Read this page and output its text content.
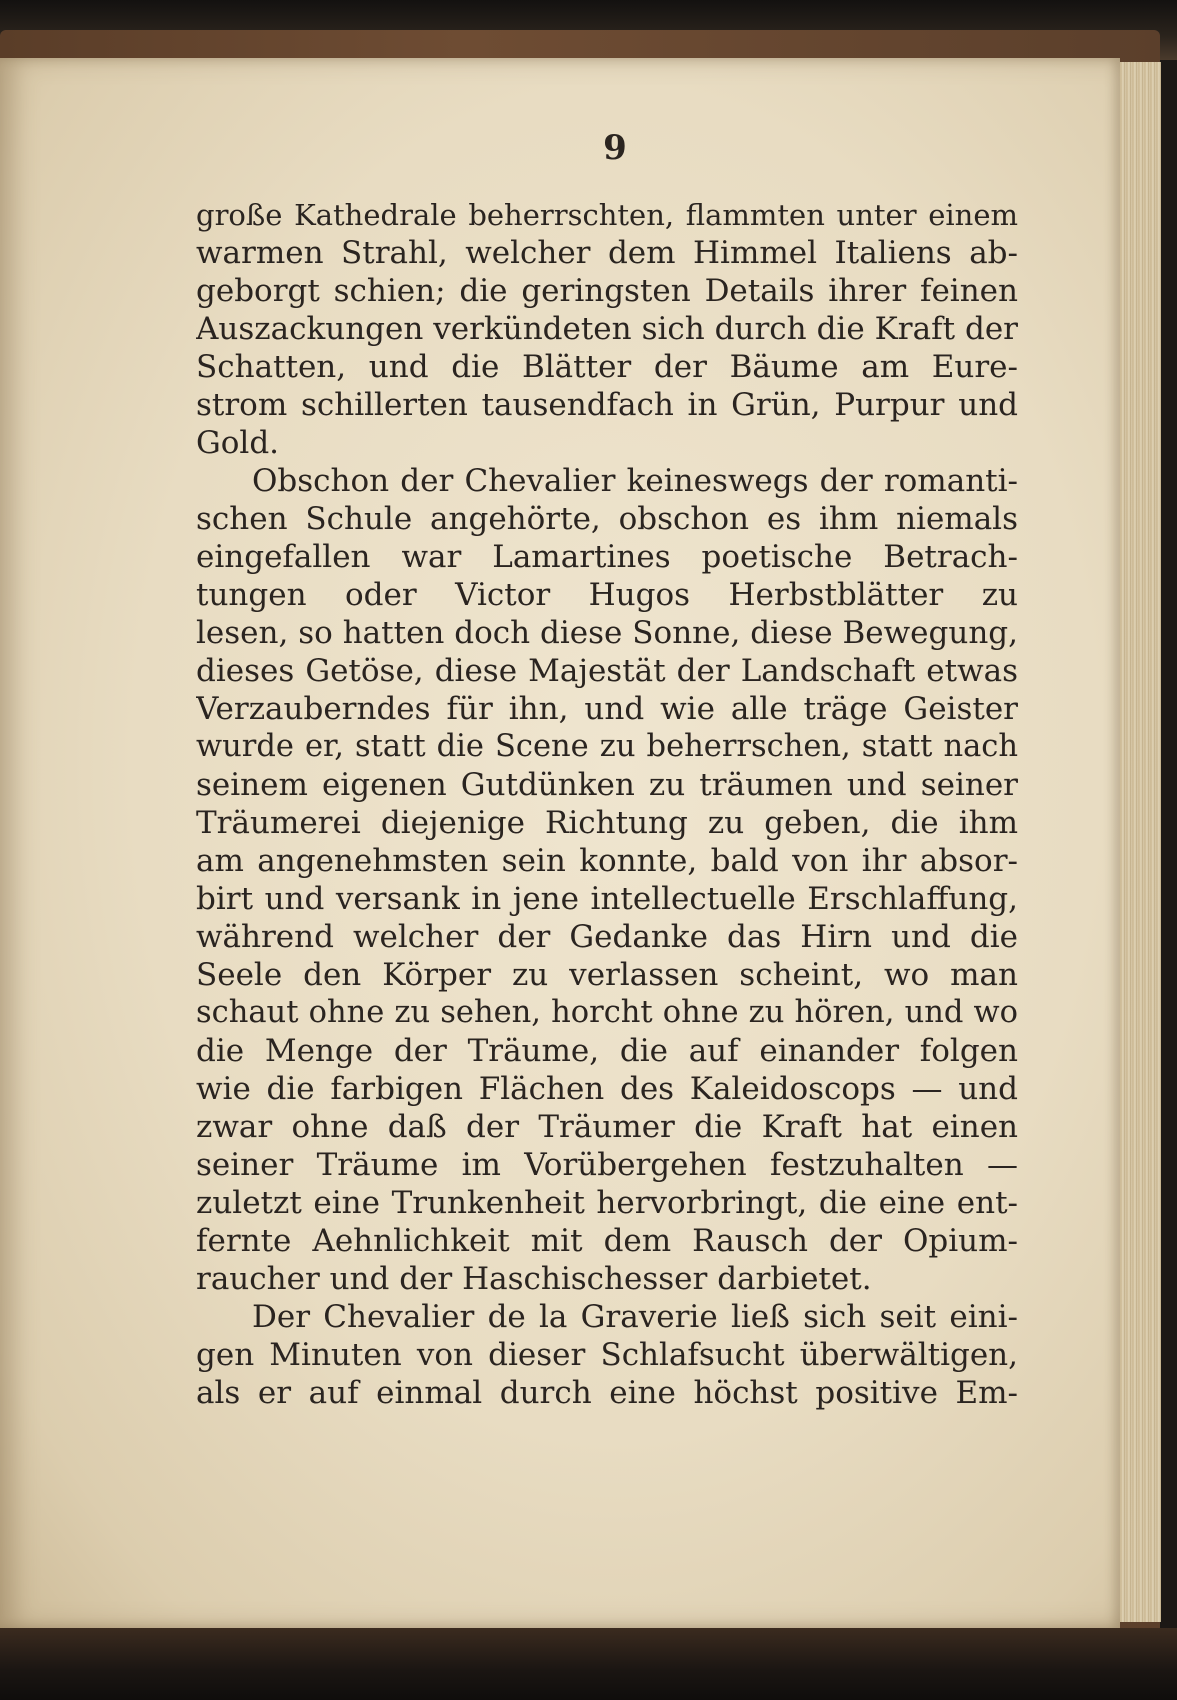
9
große Kathedrale beherrschten, flammten unter einem
warmen Strahl, welcher dem Himmel Italiens ab-
geborgt schien; die geringsten Details ihrer feinen
Auszackungen verkündeten sich durch die Kraft der
Schatten, und die Blätter der Bäume am Eure-
strom schillerten tausendfach in Grün, Purpur und
Gold.
Obschon der Chevalier keineswegs der romanti-
schen Schule angehörte, obschon es ihm niemals
eingefallen war Lamartines poetische Betrach-
tungen oder Victor Hugos Herbstblätter zu
lesen, so hatten doch diese Sonne, diese Bewegung,
dieses Getöse, diese Majestät der Landschaft etwas
Verzauberndes für ihn, und wie alle träge Geister
wurde er, statt die Scene zu beherrschen, statt nach
seinem eigenen Gutdünken zu träumen und seiner
Träumerei diejenige Richtung zu geben, die ihm
am angenehmsten sein konnte, bald von ihr absor-
birt und versank in jene intellectuelle Erschlaffung,
während welcher der Gedanke das Hirn und die
Seele den Körper zu verlassen scheint, wo man
schaut ohne zu sehen, horcht ohne zu hören, und wo
die Menge der Träume, die auf einander folgen
wie die farbigen Flächen des Kaleidoscops — und
zwar ohne daß der Träumer die Kraft hat einen
seiner Träume im Vorübergehen festzuhalten —
zuletzt eine Trunkenheit hervorbringt, die eine ent-
fernte Aehnlichkeit mit dem Rausch der Opium-
raucher und der Haschischesser darbietet.
Der Chevalier de la Graverie ließ sich seit eini-
gen Minuten von dieser Schlafsucht überwältigen,
als er auf einmal durch eine höchst positive Em-
